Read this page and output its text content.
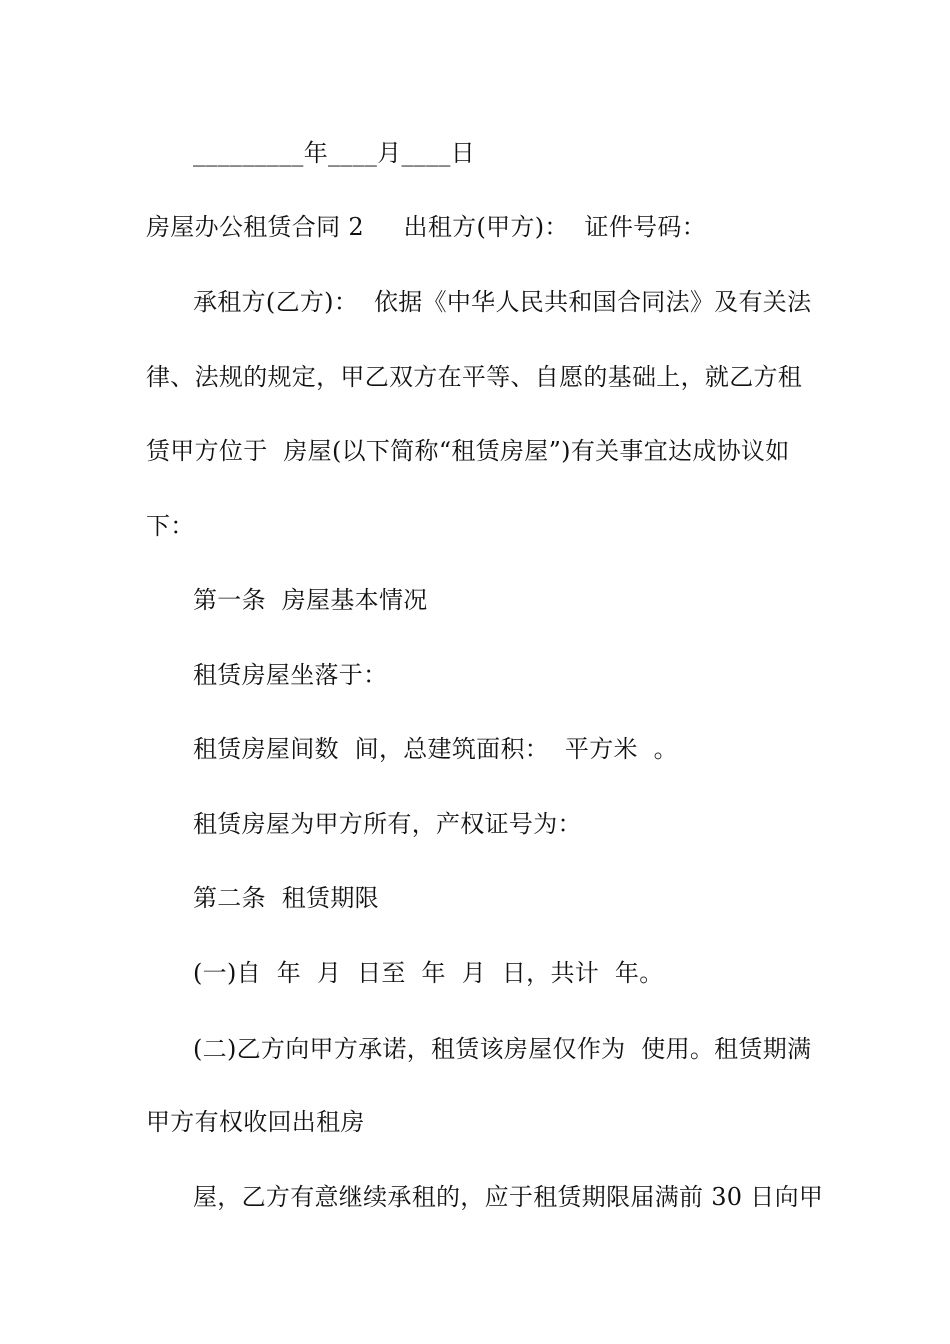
_________年____月____日
房屋办公租赁合同 2     出租方(甲方)：  证件号码：
承租方(乙方)：  依据《中华人民共和国合同法》及有关法
律、法规的规定，甲乙双方在平等、自愿的基础上，就乙方租
赁甲方位于  房屋(以下简称“租赁房屋”)有关事宜达成协议如
下：
第一条  房屋基本情况
租赁房屋坐落于：
租赁房屋间数  间，总建筑面积：  平方米  。
租赁房屋为甲方所有，产权证号为：
第二条  租赁期限
(一)自  年  月  日至  年  月  日，共计  年。
(二)乙方向甲方承诺，租赁该房屋仅作为  使用。租赁期满
甲方有权收回出租房
屋，乙方有意继续承租的，应于租赁期限届满前 30 日向甲
